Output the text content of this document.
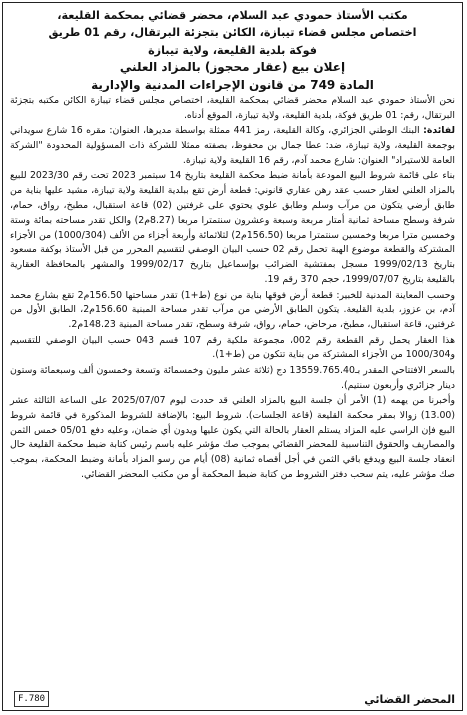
مكتب الأستاذ حمودي عبد السلام، محضر قضائي بمحكمة القليعة،
اختصاص مجلس قضاء تيبازة، الكائن بتجزئة البرتقال، رقم 01 طريق
فوكة بلدية القليعة، ولاية تيبازة
إعلان بيع (عقار محجوز) بالمزاد العلني
المادة 749 من قانون الإجراءات المدنية والإدارية

نحن الأستاذ حمودي عبد السلام محضر قضائي بمحكمة القليعة، اختصاص مجلس قضاء تيبازة الكائن مكتبه بتجزئة البرتقال، رقم: 01 طريق فوكة، بلدية القليعة، ولاية تيبازة، الموقع أدناه.

لفائدة: البنك الوطني الجزائري، وكالة القليعة، رمز 441 ممثلة بواسطة مديرها، العنوان: مقره 16 شارع سويداني بوجمعة القليعة، ولاية تيبازة، ضد: عطا جمال بن محفوظ، بصفته ممثلا للشركة ذات المسؤولية المحدودة "الشركة العامة للاستيراد" العنوان: شارع محمد آدم، رقم 16 القليعة ولاية تيبازة.

بناء على قائمة شروط البيع المودعة بأمانة ضبط محكمة القليعة بتاريخ 14 سبتمبر 2023 تحت رقم 2023/30 للبيع بالمزاد العلني لعقار حسب عقد رهن عقاري قانوني: قطعة أرض تقع ببلدية القليعة ولاية تيبازة، مشيد عليها بناية من طابق أرضي يتكون من مرآب وسلم وطابق علوي يحتوي على غرفتين (02) قاعة استقبال، مطبخ، رواق، حمام، شرفة وسطح مساحة ثمانية أمتار مربعة وسبعة وعشرون سنتمترا مربعا (8.27م2) والكل تقدر مساحته بمائة وستة وخمسين مترا مربعا وخمسين سنتمترا مربعا (156.50م2) لثلاثمائة وأربعة أجزاء من الألف (1000/304) من الأجزاء المشتركة والقطعة موضوع الهبة تحمل رقم 02 حسب البيان الوصفي لتقسيم المحرر من قبل الأستاذ بوكفة مسعود بتاريخ 1999/02/13 مسجل بمفتشية الضرائب بوإسماعيل بتاريخ 1999/02/17 والمشهر بالمحافظة العقارية بالقليعة بتاريخ 1999/07/07، حجم 370 رقم 19.

وحسب المعاينة المدنية للخبير: قطعة أرض فوقها بناية من نوع (ط+1) تقدر مساحتها 156.50م2 تقع بشارع محمد آدم، بن عزوز، بلدية القليعة. يتكون الطابق الأرضي من مرآب تقدر مساحة المبنية 156.60م2، الطابق الأول من غرفتين، قاعة استقبال، مطبخ، مرحاض، حمام، رواق، شرفة وسطح، تقدر مساحة المبنية 148.23م2.

هذا العقار يحمل رقم القطعة رقم 002، مجموعة ملكية رقم 107 قسم 043 حسب البيان الوصفي للتقسيم و1000/304 من الأجزاء المشتركة من بناية تتكون من (ط+1).

بالسعر الافتتاحي المقدر بـ13559.765.40 دج (ثلاثة عشر مليون وخمسمائة وتسعة وخمسون ألف وسبعمائة وستون دينار جزائري وأربعون سنتيم).

وأخبرنا من يهمه (1) الأمر أن جلسة البيع بالمزاد العلني قد حددت ليوم 2025/07/07 على الساعة الثالثة عشر (13.00) زوالا بمقر محكمة القليعة (قاعة الجلسات). شروط البيع: بالإضافة للشروط المذكورة في قائمة شروط البيع فإن الراسي عليه المزاد يستلم العقار بالحالة التي يكون عليها ويدون أي ضمان، وعليه دفع 05/01 خمس الثمن والمصاريف والحقوق التناسبية للمحضر القضائي بموجب صك مؤشر عليه باسم رئيس كتابة ضبط محكمة القليعة حال انعقاد جلسة البيع ويدفع باقي الثمن في أجل أقصاه ثمانية (08) أيام من رسو المزاد بأمانة وضبط المحكمة، بموجب صك مؤشر عليه، يتم سحب دفتر الشروط من كتابة ضبط المحكمة أو من مكتب المحضر القضائي.

المحضر القضائي
F.780
